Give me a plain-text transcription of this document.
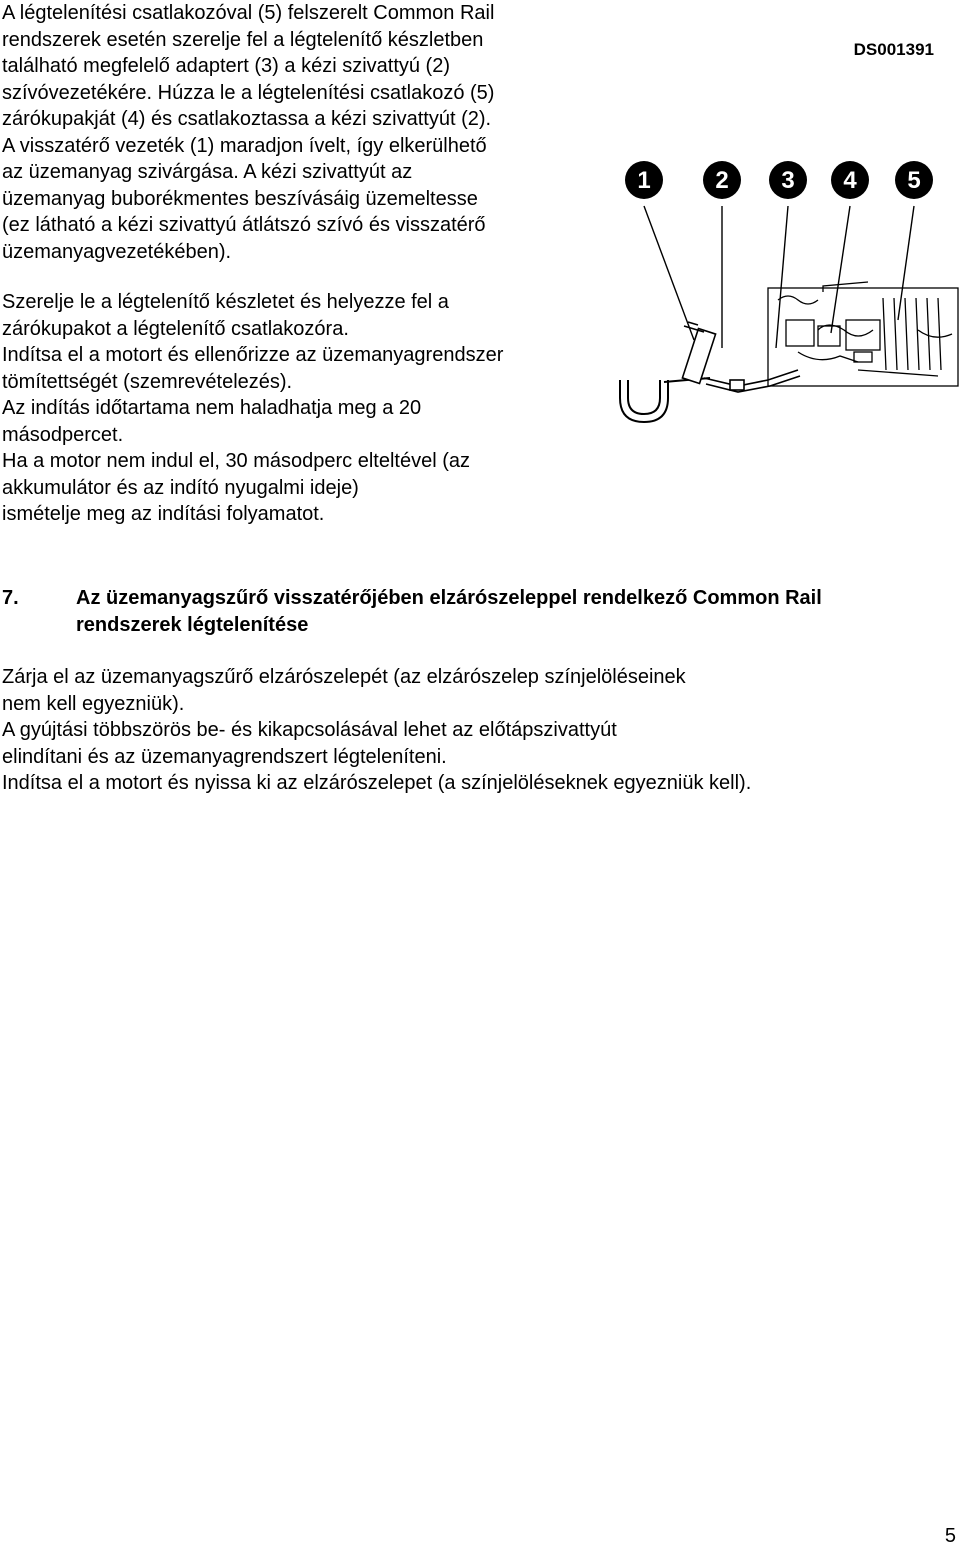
A légtelenítési csatlakozóval (5) felszerelt Common Rail
rendszerek esetén szerelje fel a légtelenítő készletben
található megfelelő adaptert (3) a kézi szivattyú (2)
szívóvezetékére. Húzza le a légtelenítési csatlakozó (5)
zárókupakját (4) és csatlakoztassa a kézi szivattyút (2).
A visszatérő vezeték (1) maradjon ívelt, így elkerülhető
az üzemanyag szivárgása. A kézi szivattyút az
üzemanyag buborékmentes beszívásáig üzemeltesse
(ez látható a kézi szivattyú átlátszó szívó és visszatérő
üzemanyagvezetékében).
Szerelje le a légtelenítő készletet és helyezze fel a
zárókupakot a légtelenítő csatlakozóra.
Indítsa el a motort és ellenőrizze az üzemanyagrendszer
tömítettségét (szemrevételezés).
Az indítás időtartama nem haladhatja meg a 20
másodpercet.
Ha a motor nem indul el, 30 másodperc elteltével (az
akkumulátor és az indító nyugalmi ideje)
ismételje meg az indítási folyamatot.
DS001391
1	2 3 4 5
7.	Az üzemanyagszűrő visszatérőjében elzárószeleppel rendelkező Common Rail
rendszerek légtelenítése
Zárja el az üzemanyagszűrő elzárószelepét (az elzárószelep színjelöléseinek
nem kell egyezniük).
A gyújtási többszörös be- és kikapcsolásával lehet az előtápszivattyút
elindítani és az üzemanyagrendszert légteleníteni.
Indítsa el a motort és nyissa ki az elzárószelepet (a színjelöléseknek egyezniük kell).
5
